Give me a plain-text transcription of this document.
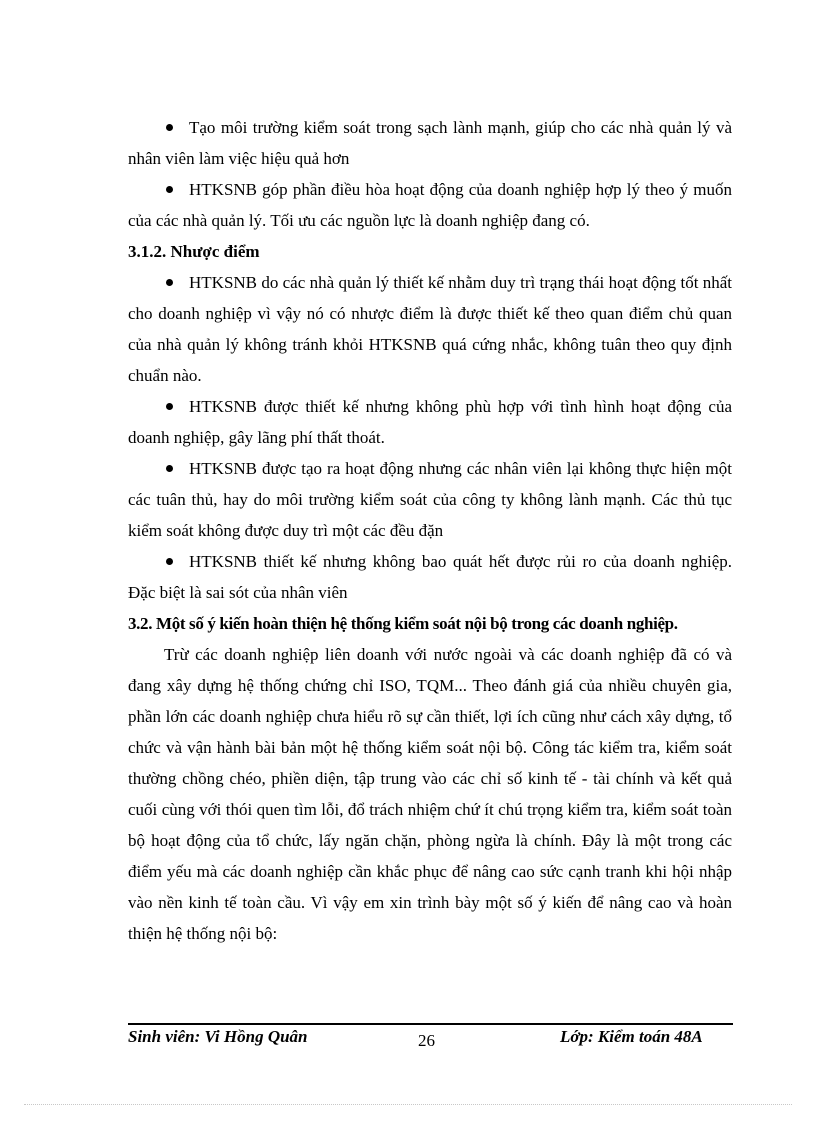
Tạo môi trường kiểm soát trong sạch lành mạnh, giúp cho các nhà quản lý và nhân viên làm việc hiệu quả hơn

HTKSNB góp phần điều hòa hoạt động của doanh nghiệp hợp lý theo ý muốn của các nhà quản lý. Tối ưu các nguồn lực là doanh nghiệp đang có.

3.1.2. Nhược điểm

HTKSNB do các nhà quản lý thiết kế nhằm duy trì trạng thái hoạt động tốt nhất cho doanh nghiệp vì vậy nó có nhược điểm là được thiết kế theo quan điểm chủ quan của nhà quản lý không tránh khỏi HTKSNB quá cứng nhắc, không tuân theo quy định chuẩn nào.

HTKSNB được thiết kế nhưng không phù hợp với tình hình hoạt động của doanh nghiệp, gây lãng phí thất thoát.

HTKSNB được tạo ra hoạt động nhưng các nhân viên lại không thực hiện một các tuân thủ, hay do môi trường kiểm soát của công ty không lành mạnh. Các thủ tục kiểm soát không được duy trì một các đều đặn

HTKSNB thiết kế nhưng không bao quát hết được rủi ro của doanh nghiệp. Đặc biệt là sai sót của nhân viên

3.2. Một số ý kiến hoàn thiện hệ thống kiểm soát nội bộ trong các doanh nghiệp.

Trừ các doanh nghiệp liên doanh với nước ngoài và các doanh nghiệp đã có và đang xây dựng hệ thống chứng chỉ ISO, TQM... Theo đánh giá của nhiều chuyên gia, phần lớn các doanh nghiệp chưa hiểu rõ sự cần thiết, lợi ích cũng như cách xây dựng, tổ chức và vận hành bài bản một hệ thống kiểm soát nội bộ. Công tác kiểm tra, kiểm soát thường chồng chéo, phiền diện, tập trung vào các chỉ số kinh tế - tài chính và kết quả cuối cùng với thói quen tìm lỗi, đổ trách nhiệm chứ ít chú trọng kiểm tra, kiểm soát toàn bộ hoạt động của tổ chức, lấy ngăn chặn, phòng ngừa là chính. Đây là một trong các điểm yếu mà các doanh nghiệp cần khắc phục để nâng cao sức cạnh tranh khi hội nhập vào nền kinh tế toàn cầu. Vì vậy em xin trình bày một số ý kiến để nâng cao và hoàn thiện hệ thống nội bộ:

Sinh viên: Vi Hồng Quân	26	Lớp: Kiểm toán 48A
